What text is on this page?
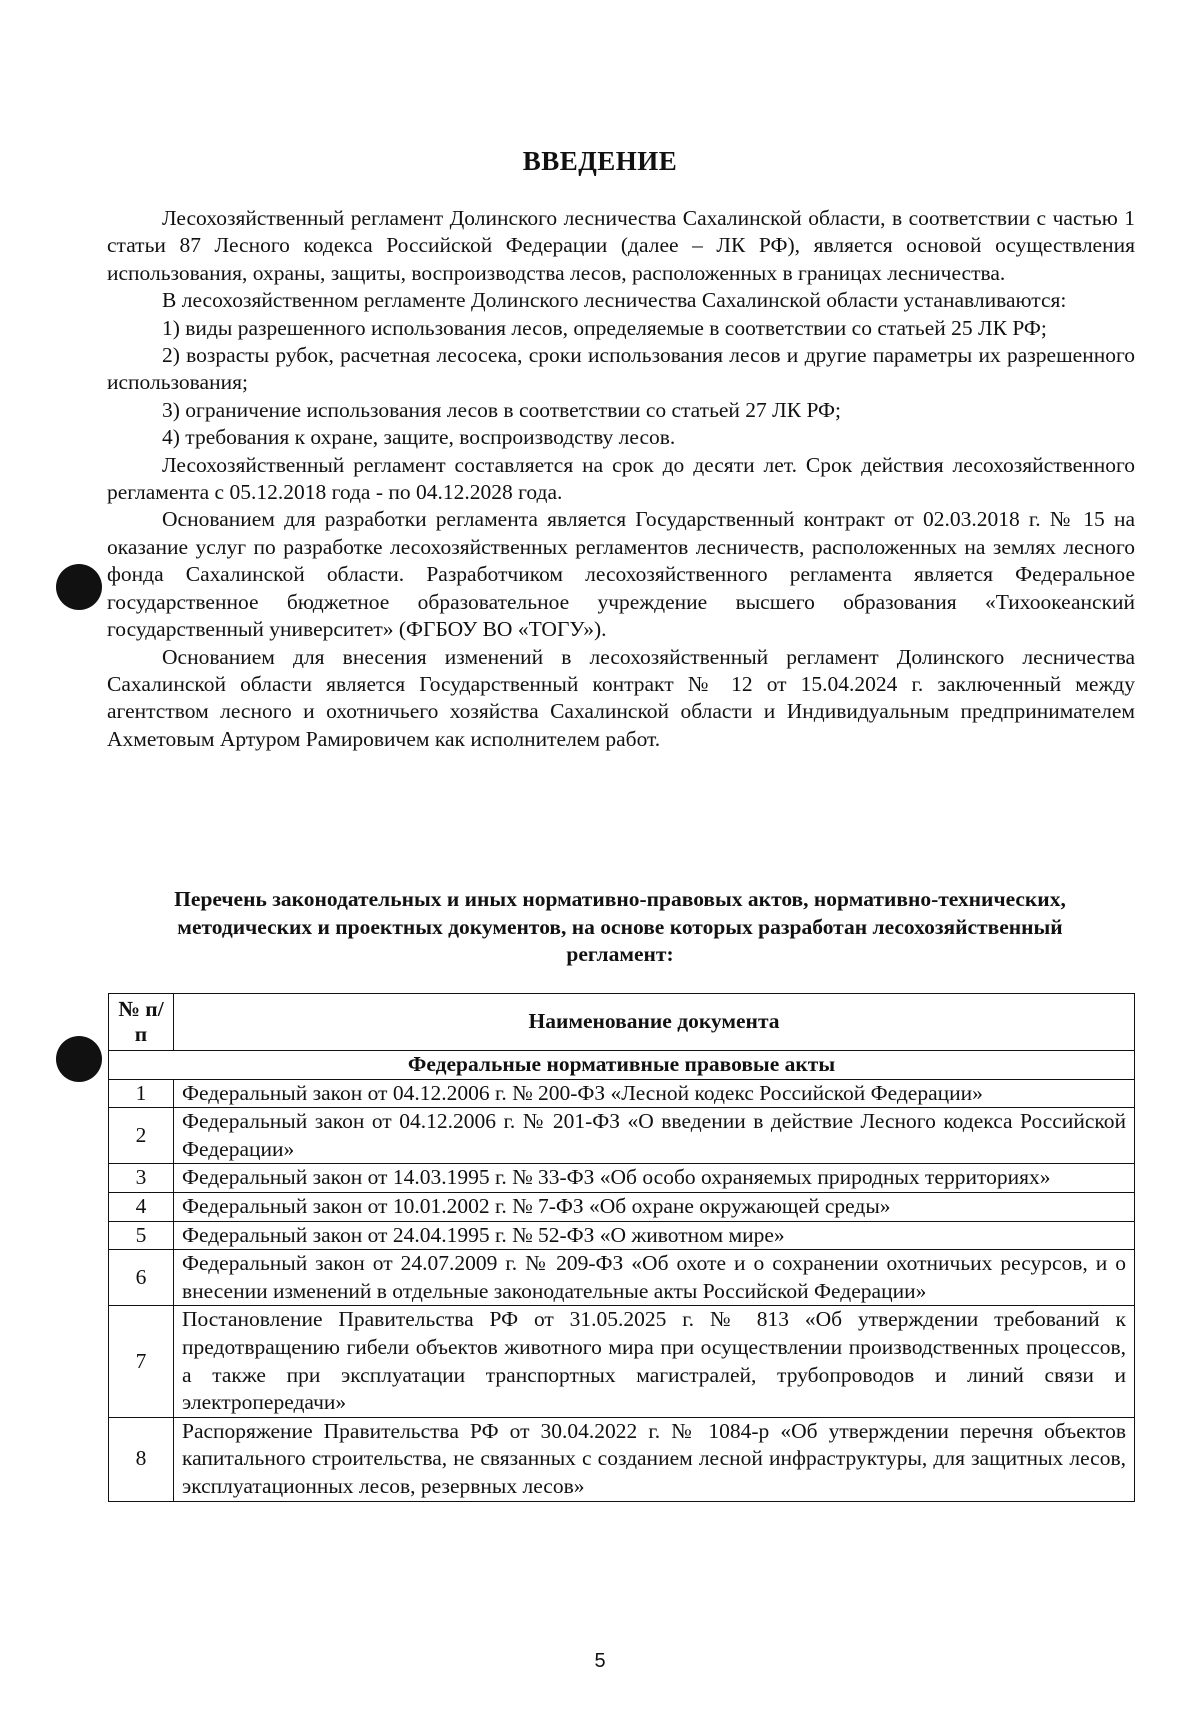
ВВЕДЕНИЕ

Лесохозяйственный регламент Долинского лесничества Сахалинской области, в соответствии с частью 1 статьи 87 Лесного кодекса Российской Федерации (далее – ЛК РФ), является основой осуществления использования, охраны, защиты, воспроизводства лесов, расположенных в границах лесничества.

В лесохозяйственном регламенте Долинского лесничества Сахалинской области устанавливаются:

1) виды разрешенного использования лесов, определяемые в соответствии со статьей 25 ЛК РФ;

2) возрасты рубок, расчетная лесосека, сроки использования лесов и другие параметры их разрешенного использования;

3) ограничение использования лесов в соответствии со статьей 27 ЛК РФ;

4) требования к охране, защите, воспроизводству лесов.

Лесохозяйственный регламент составляется на срок до десяти лет. Срок действия лесохозяйственного регламента с 05.12.2018 года - по 04.12.2028 года.

Основанием для разработки регламента является Государственный контракт от 02.03.2018 г. № 15 на оказание услуг по разработке лесохозяйственных регламентов лесничеств, расположенных на землях лесного фонда Сахалинской области. Разработчиком лесохозяйственного регламента является Федеральное государственное бюджетное образовательное учреждение высшего образования «Тихоокеанский государственный университет» (ФГБОУ ВО «ТОГУ»).

Основанием для внесения изменений в лесохозяйственный регламент Долинского лесничества Сахалинской области является Государственный контракт № 12 от 15.04.2024 г. заключенный между агентством лесного и охотничьего хозяйства Сахалинской области и Индивидуальным предпринимателем Ахметовым Артуром Рамировичем как исполнителем работ.

Перечень законодательных и иных нормативно-правовых актов, нормативно-технических, методических и проектных документов, на основе которых разработан лесохозяйственный регламент:
№ п/п	Наименование документа
Федеральные нормативные правовые акты	
1	Федеральный закон от 04.12.2006 г. № 200-ФЗ «Лесной кодекс Российской Федерации»
2	Федеральный закон от 04.12.2006 г. № 201-ФЗ «О введении в действие Лесного кодекса Российской Федерации»
3	Федеральный закон от 14.03.1995 г. № 33-ФЗ «Об особо охраняемых природных территориях»
4	Федеральный закон от 10.01.2002 г. № 7-ФЗ «Об охране окружающей среды»
5	Федеральный закон от 24.04.1995 г. № 52-ФЗ «О животном мире»
6	Федеральный закон от 24.07.2009 г. № 209-ФЗ «Об охоте и о сохранении охотничьих ресурсов, и о внесении изменений в отдельные законодательные акты Российской Федерации»
7	Постановление Правительства РФ от 31.05.2025 г. № 813 «Об утверждении требований к предотвращению гибели объектов животного мира при осуществлении производственных процессов, а также при эксплуатации транспортных магистралей, трубопроводов и линий связи и электропередачи»
8	Распоряжение Правительства РФ от 30.04.2022 г. № 1084-р «Об утверждении перечня объектов капитального строительства, не связанных с созданием лесной инфраструктуры, для защитных лесов, эксплуатационных лесов, резервных лесов»
5
